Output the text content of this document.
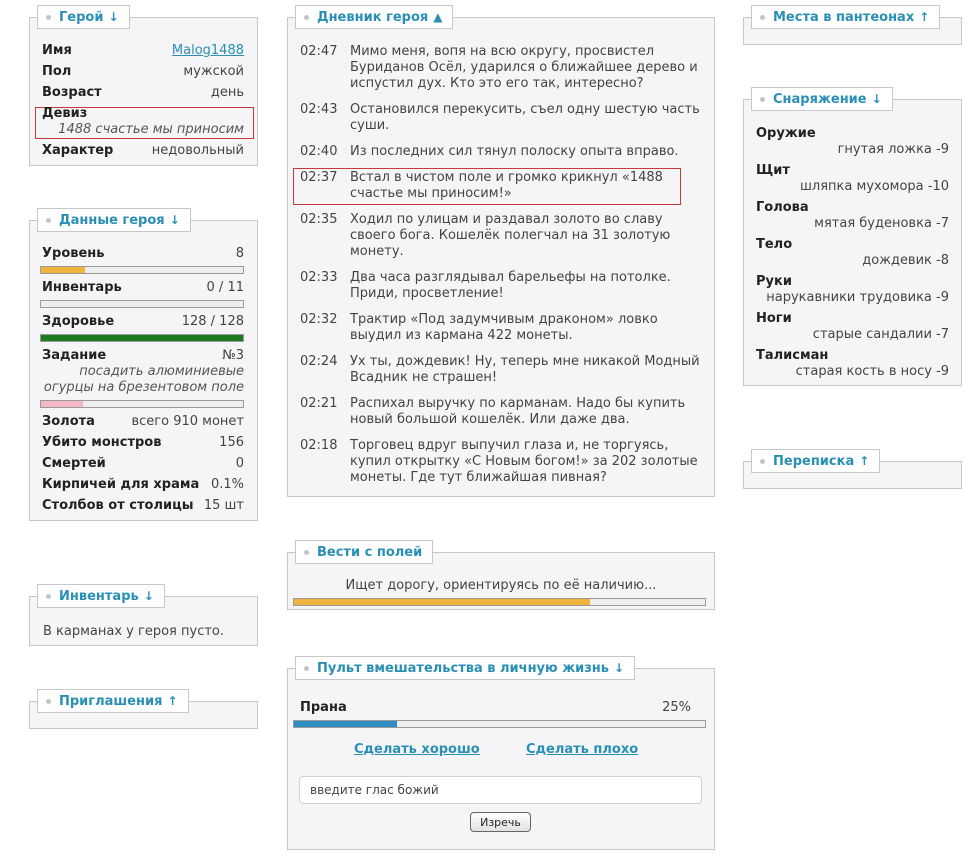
Герой ↓
Имя	Malog1488
Пол	мужской
Возраст	день
Девиз
1488 счастье мы приносим
Характер	недовольный
Данные героя ↓
Уровень	8
Инвентарь	0 / 11
Здоровье	128 / 128
Задание	№3
посадить алюминиевые огурцы на брезентовом поле
Золота	всего 910 монет
Убито монстров	156
Смертей	0
Кирпичей для храма 0.1%
Столбов от столицы 15 шт
Инвентарь ↓
В карманах у героя пусто.
Приглашения ↑
Дневник героя ▲
02:47 Мимо меня, вопя на всю округу, просвистел Буриданов Осёл, ударился о ближайшее дерево и испустил дух. Кто это его так, интересно?
02:43 Остановился перекусить, съел одну шестую часть суши.
02:40 Из последних сил тянул полоску опыта вправо.
02:37 Встал в чистом поле и громко крикнул «1488 счастье мы приносим!»
02:35 Ходил по улицам и раздавал золото во славу своего бога. Кошелёк полегчал на 31 золотую монету.
02:33 Два часа разглядывал барельефы на потолке. Приди, просветление!
02:32 Трактир «Под задумчивым драконом» ловко выудил из кармана 422 монеты.
02:24 Ух ты, дождевик! Ну, теперь мне никакой Модный Всадник не страшен!
02:21 Распихал выручку по карманам. Надо бы купить новый большой кошелёк. Или даже два.
02:18 Торговец вдруг выпучил глаза и, не торгуясь, купил открытку «С Новым богом!» за 202 золотые монеты. Где тут ближайшая пивная?
Вести с полей
Ищет дорогу, ориентируясь по её наличию...
Пульт вмешательства в личную жизнь ↓
Прана	25%
Сделать хорошо	Сделать плохо
введите глас божий
Изречь
Места в пантеонах ↑
Снаряжение ↓
Оружие
гнутая ложка -9
Щит
шляпка мухомора -10
Голова
мятая буденовка -7
Тело
дождевик -8
Руки
нарукавники трудовика -9
Ноги
старые сандалии -7
Талисман
старая кость в носу -9
Переписка ↑
